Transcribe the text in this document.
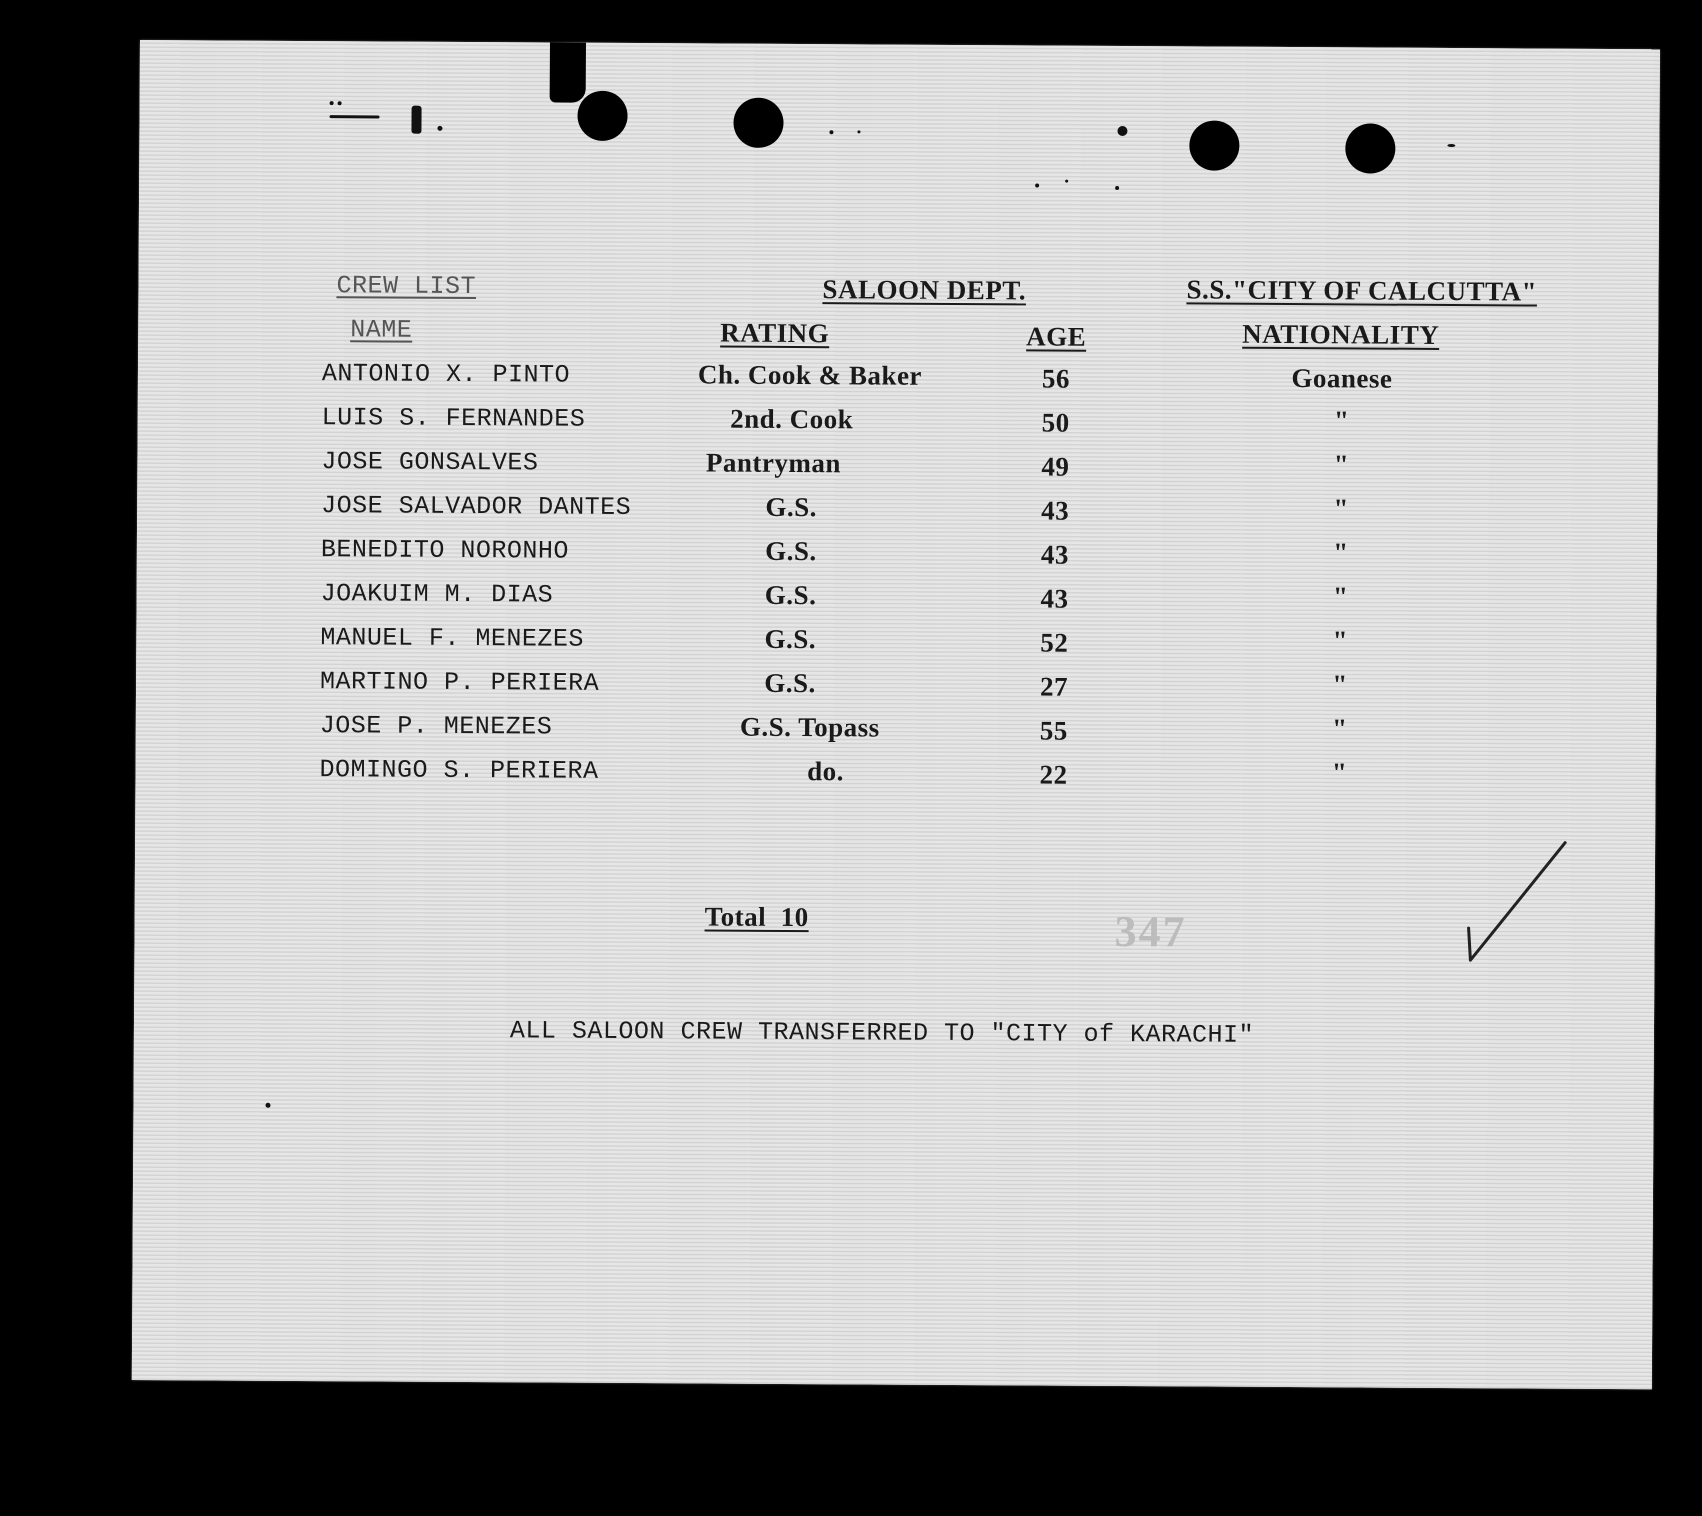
CREW LIST	SALOON DEPT.	S.S."CITY OF CALCUTTA"
NAME	RATING	AGE	NATIONALITY
ANTONIO X. PINTO	Ch. Cook & Baker	56	Goanese
LUIS S. FERNANDES	2nd. Cook	50	"
JOSE GONSALVES	Pantryman	49	"
JOSE SALVADOR DANTES	G.S.	43	"
BENEDITO NORONHO	G.S.	43	"
JOAKUIM M. DIAS	G.S.	43	"
MANUEL F. MENEZES	G.S.	52	"
MARTINO P. PERIERA	G.S.	27	"
JOSE P. MENEZES	G.S. Topass	55	"
DOMINGO S. PERIERA	do.	22	"
Total  10	347
ALL SALOON CREW TRANSFERRED TO "CITY of KARACHI"
